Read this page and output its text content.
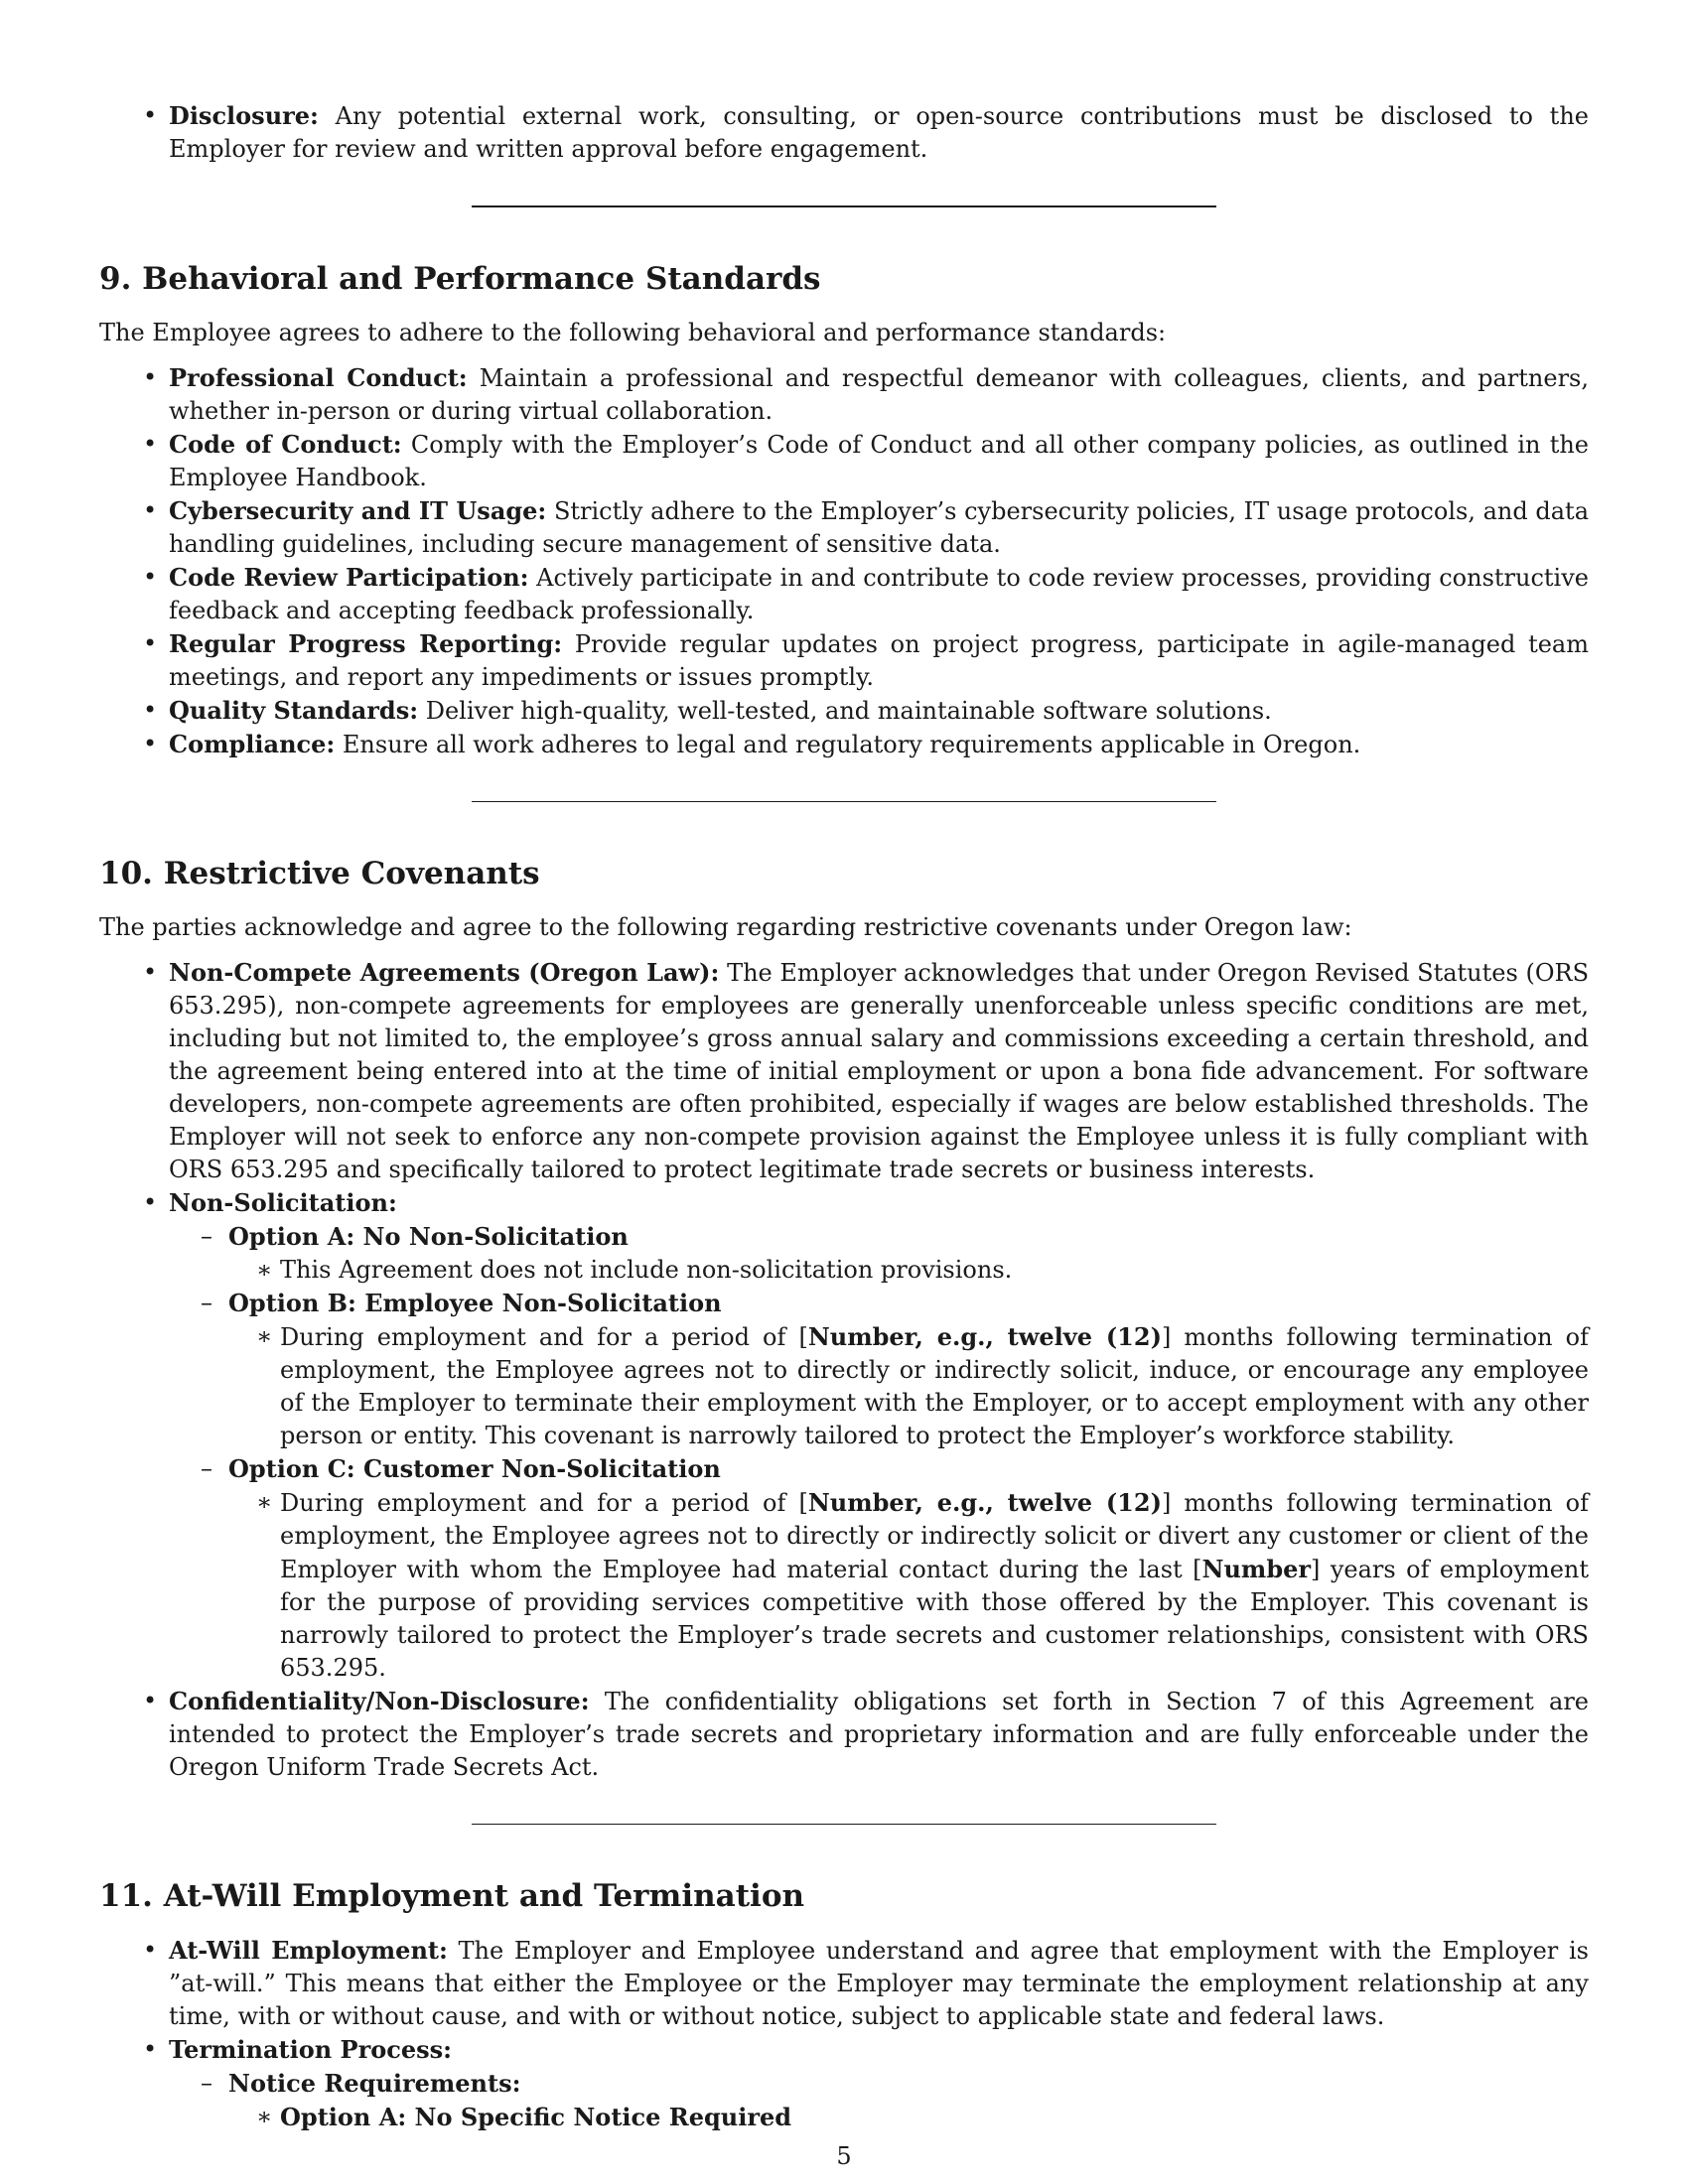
• Disclosure: Any potential external work, consulting, or open-source contributions must be disclosed to the Employer for review and written approval before engagement.
9. Behavioral and Performance Standards

The Employee agrees to adhere to the following behavioral and performance standards:

• Professional Conduct: Maintain a professional and respectful demeanor with colleagues, clients, and partners, whether in-person or during virtual collaboration.
• Code of Conduct: Comply with the Employer’s Code of Conduct and all other company policies, as outlined in the Employee Handbook.
• Cybersecurity and IT Usage: Strictly adhere to the Employer’s cybersecurity policies, IT usage protocols, and data handling guidelines, including secure management of sensitive data.
• Code Review Participation: Actively participate in and contribute to code review processes, providing constructive feedback and accepting feedback professionally.
• Regular Progress Reporting: Provide regular updates on project progress, participate in agile-managed team meetings, and report any impediments or issues promptly.
• Quality Standards: Deliver high-quality, well-tested, and maintainable software solutions.
• Compliance: Ensure all work adheres to legal and regulatory requirements applicable in Oregon.
10. Restrictive Covenants

The parties acknowledge and agree to the following regarding restrictive covenants under Oregon law:

• Non-Compete Agreements (Oregon Law): The Employer acknowledges that under Oregon Revised Statutes (ORS 653.295), non-compete agreements for employees are generally unenforceable unless specific conditions are met, including but not limited to, the employee’s gross annual salary and commissions exceeding a certain threshold, and the agreement being entered into at the time of initial employment or upon a bona fide advancement. For software developers, non-compete agreements are often prohibited, especially if wages are below established thresholds. The Employer will not seek to enforce any non-compete provision against the Employee unless it is fully compliant with ORS 653.295 and specifically tailored to protect legitimate trade secrets or business interests.
• Non-Solicitation:
– Option A: No Non-Solicitation
∗ This Agreement does not include non-solicitation provisions.
– Option B: Employee Non-Solicitation
∗ During employment and for a period of [Number, e.g., twelve (12)] months following termination of employment, the Employee agrees not to directly or indirectly solicit, induce, or encourage any employee of the Employer to terminate their employment with the Employer, or to accept employment with any other person or entity. This covenant is narrowly tailored to protect the Employer’s workforce stability.
– Option C: Customer Non-Solicitation
∗ During employment and for a period of [Number, e.g., twelve (12)] months following termination of employment, the Employee agrees not to directly or indirectly solicit or divert any customer or client of the Employer with whom the Employee had material contact during the last [Number] years of employment for the purpose of providing services competitive with those offered by the Employer. This covenant is narrowly tailored to protect the Employer’s trade secrets and customer relationships, consistent with ORS 653.295.
• Confidentiality/Non-Disclosure: The confidentiality obligations set forth in Section 7 of this Agreement are intended to protect the Employer’s trade secrets and proprietary information and are fully enforceable under the Oregon Uniform Trade Secrets Act.
11. At-Will Employment and Termination
• At-Will Employment: The Employer and Employee understand and agree that employment with the Employer is ”at-will.” This means that either the Employee or the Employer may terminate the employment relationship at any time, with or without cause, and with or without notice, subject to applicable state and federal laws.
• Termination Process:
– Notice Requirements:
∗ Option A: No Specific Notice Required
5
